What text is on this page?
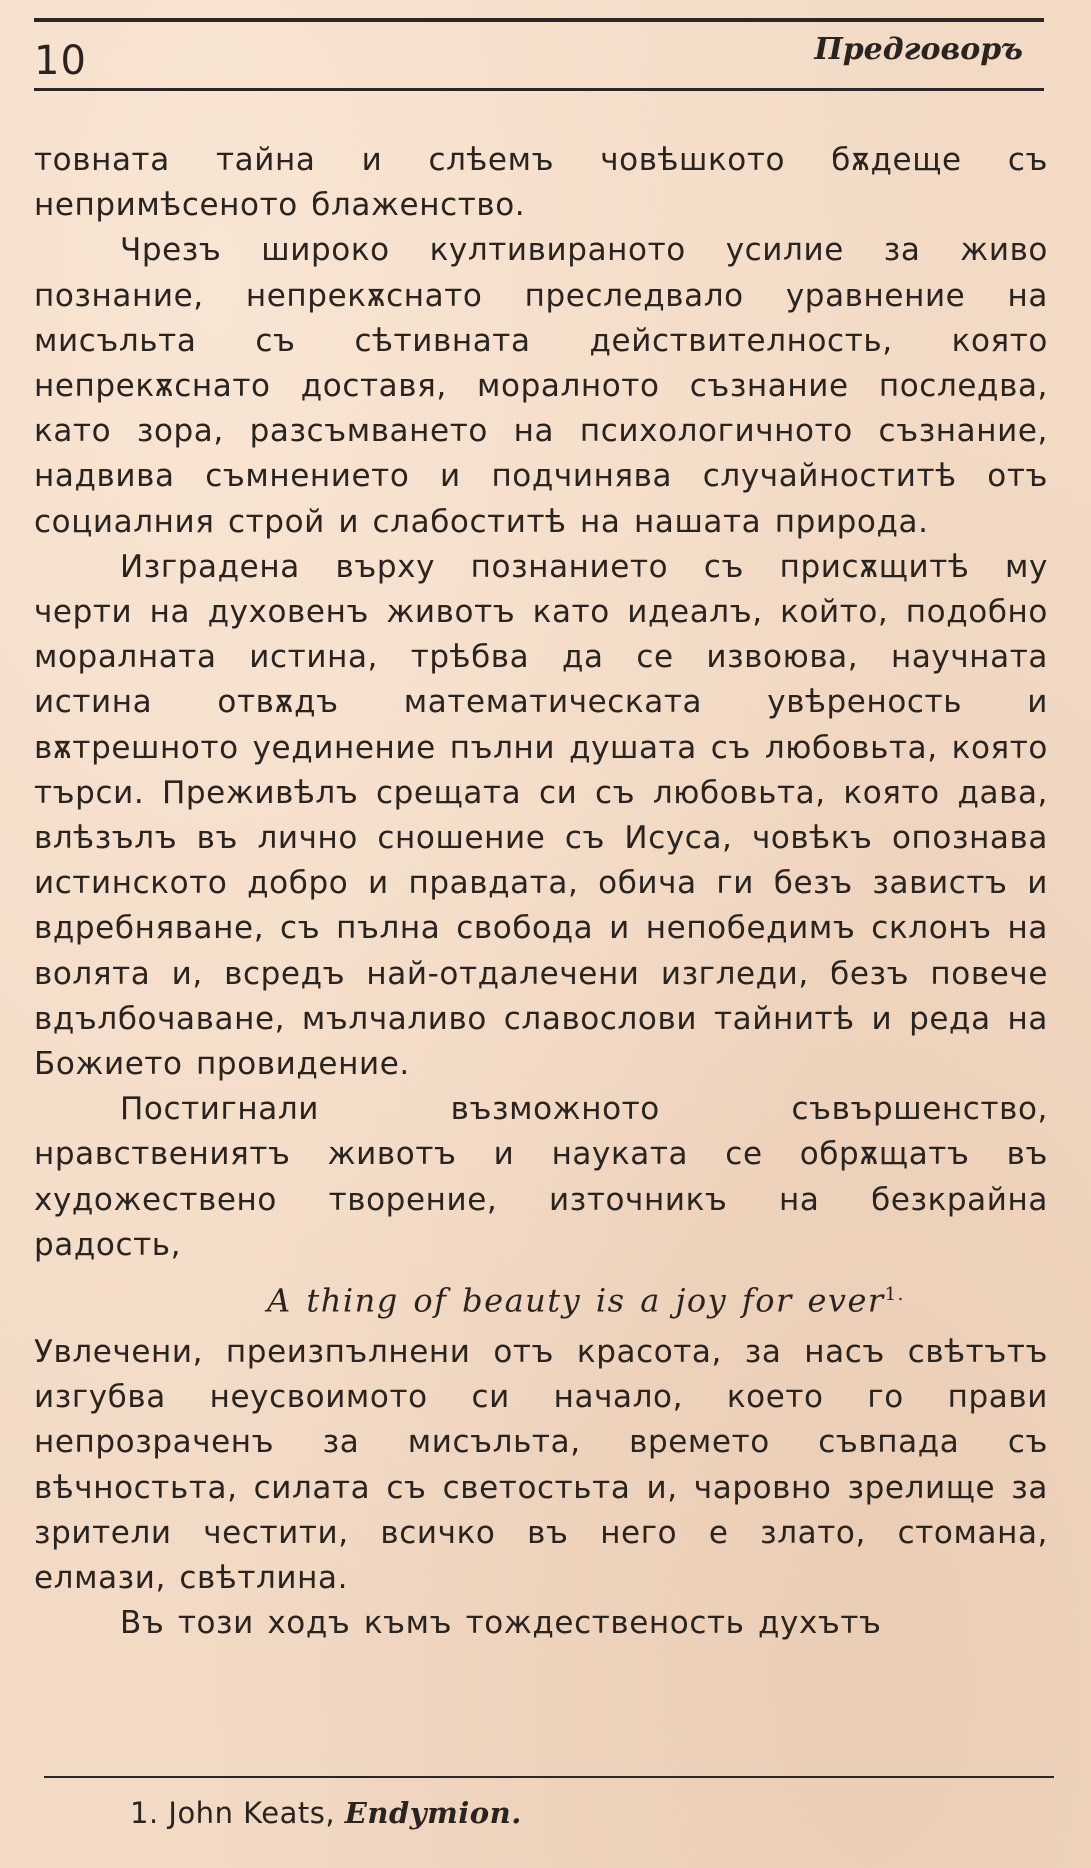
10	Предговоръ

товната тайна и слѣемъ човѣшкото бѫдеще съ непримѣсеното блаженство.

Чрезъ широко култивираното усилие за живо познание, непрекѫснато преследвало уравнение на мисъльта съ сѣтивната действителность, която непрекѫснато доставя, моралното съзнание последва, като зора, разсъмването на психологичното съзнание, надвива съмнението и подчинява случайноститѣ отъ социалния строй и слабоститѣ на нашата природа.

Изградена върху познанието съ присѫщитѣ му черти на духовенъ животъ като идеалъ, който, подобно моралната истина, трѣбва да се извоюва, научната истина отвѫдъ математическата увѣреность и вѫтрешното уединение пълни душата съ любовьта, която търси. Преживѣлъ срещата си съ любовьта, която дава, влѣзълъ въ лично сношение съ Исуса, човѣкъ опознава истинското добро и правдата, обича ги безъ завистъ и вдребняване, съ пълна свобода и непобедимъ склонъ на волята и, всредъ най-отдалечени изгледи, безъ повече вдълбочаване, мълчаливо славослови тайнитѣ и реда на Божието провидение.

Постигнали възможното съвършенство, нравствениятъ животъ и науката се обрѫщатъ въ художествено творение, източникъ на безкрайна радость,

A thing of beauty is a joy for ever$^{1.}$

Увлечени, преизпълнени отъ красота, за насъ свѣтътъ изгубва неусвоимото си начало, което го прави непрозраченъ за мисъльта, времето съвпада съ вѣчностьта, силата съ светостьта и, чаровно зрелище за зрители честити, всичко въ него е злато, стомана, елмази, свѣтлина.

Въ този ходъ къмъ тождественость духътъ

1. John Keats, Endymion.
